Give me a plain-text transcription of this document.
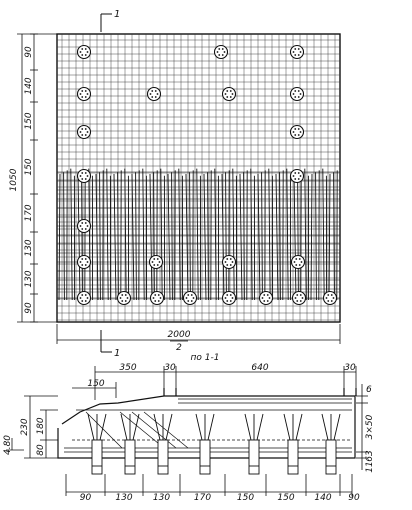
1
1
1050
90
140
150
150
170
130
130
90
2000
2
по 1-1
350	30	640	30
150
230 180
80
4.80
6
3×50
63
11
90	130 130	170	150	150 140 90
